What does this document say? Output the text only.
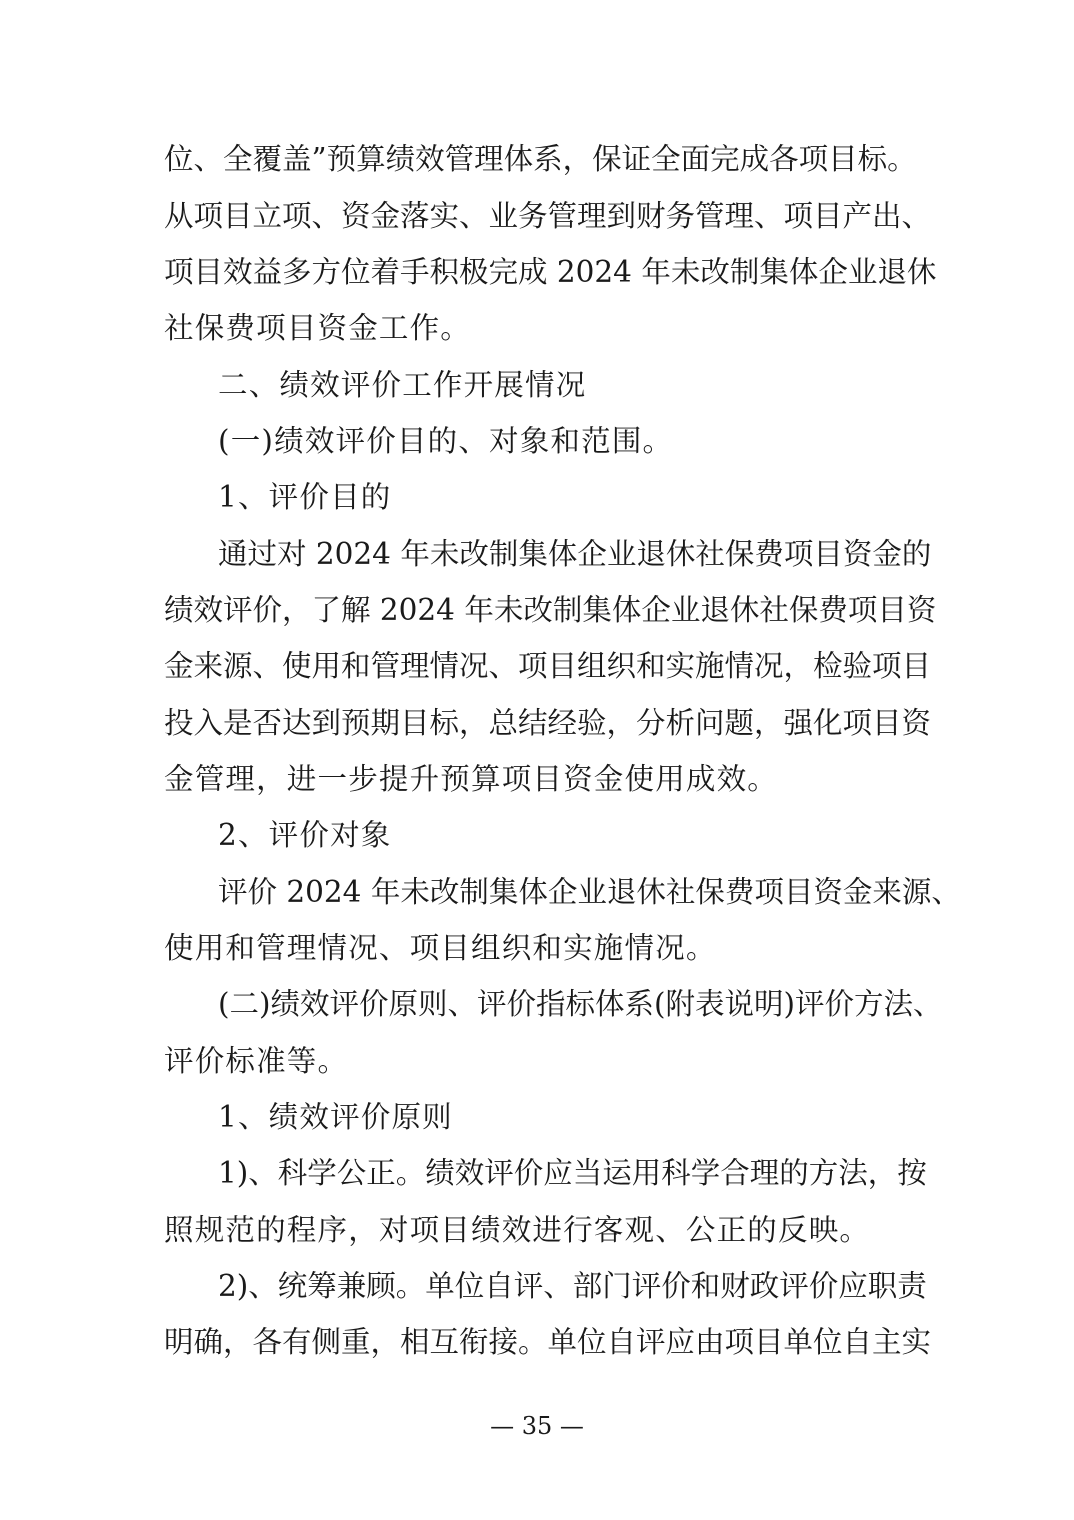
位、全覆盖”预算绩效管理体系，保证全面完成各项目标。

从项目立项、资金落实、业务管理到财务管理、项目产出、

项目效益多方位着手积极完成 2024 年未改制集体企业退休

社保费项目资金工作。

二、绩效评价工作开展情况

(一)绩效评价目的、对象和范围。

1、评价目的

通过对 2024 年未改制集体企业退休社保费项目资金的

绩效评价，了解 2024 年未改制集体企业退休社保费项目资

金来源、使用和管理情况、项目组织和实施情况，检验项目

投入是否达到预期目标，总结经验，分析问题，强化项目资

金管理，进一步提升预算项目资金使用成效。

2、评价对象

评价 2024 年未改制集体企业退休社保费项目资金来源、

使用和管理情况、项目组织和实施情况。

(二)绩效评价原则、评价指标体系(附表说明)评价方法、

评价标准等。

1、绩效评价原则

1)、科学公正。绩效评价应当运用科学合理的方法，按

照规范的程序，对项目绩效进行客观、公正的反映。

2)、统筹兼顾。单位自评、部门评价和财政评价应职责

明确，各有侧重，相互衔接。单位自评应由项目单位自主实

— 35 —
